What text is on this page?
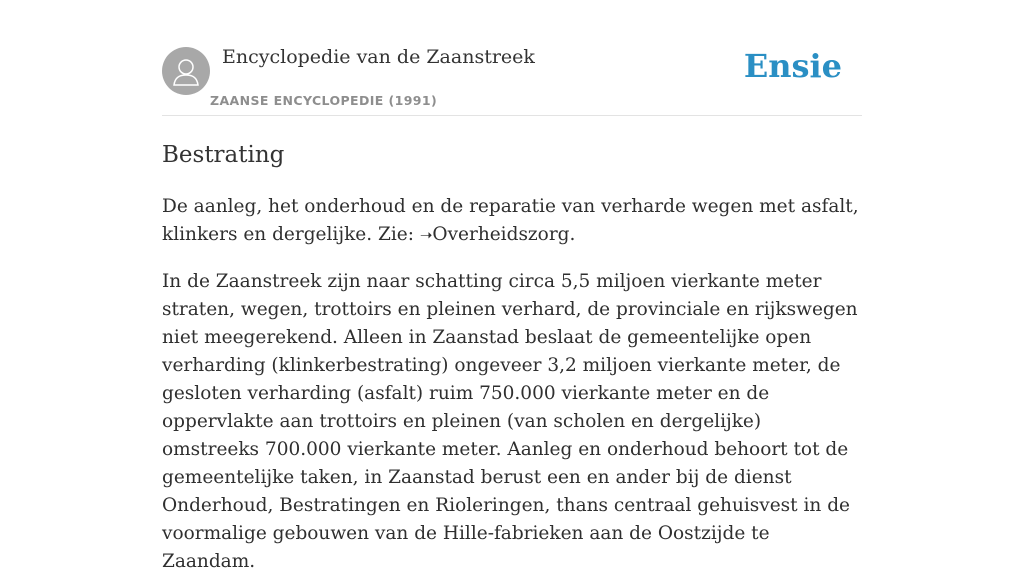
Encyclopedie van de Zaanstreek
ZAANSE ENCYCLOPEDIE (1991)
Ensie
Bestrating

De aanleg, het onderhoud en de reparatie van verharde wegen met asfalt, klinkers en dergelijke. Zie: ➝Overheidszorg.

In de Zaanstreek zijn naar schatting circa 5,5 miljoen vierkante meter straten, wegen, trottoirs en pleinen verhard, de provinciale en rijkswegen niet meegerekend. Alleen in Zaanstad beslaat de gemeentelijke open verharding (klinkerbestrating) ongeveer 3,2 miljoen vierkante meter, de gesloten verharding (asfalt) ruim 750.000 vierkante meter en de oppervlakte aan trottoirs en pleinen (van scholen en dergelijke) omstreeks 700.000 vierkante meter. Aanleg en onderhoud behoort tot de gemeentelijke taken, in Zaanstad berust een en ander bij de dienst Onderhoud, Bestratingen en Rioleringen, thans centraal gehuisvest in de voormalige gebouwen van de Hille-fabrieken aan de Oostzijde te Zaandam.
